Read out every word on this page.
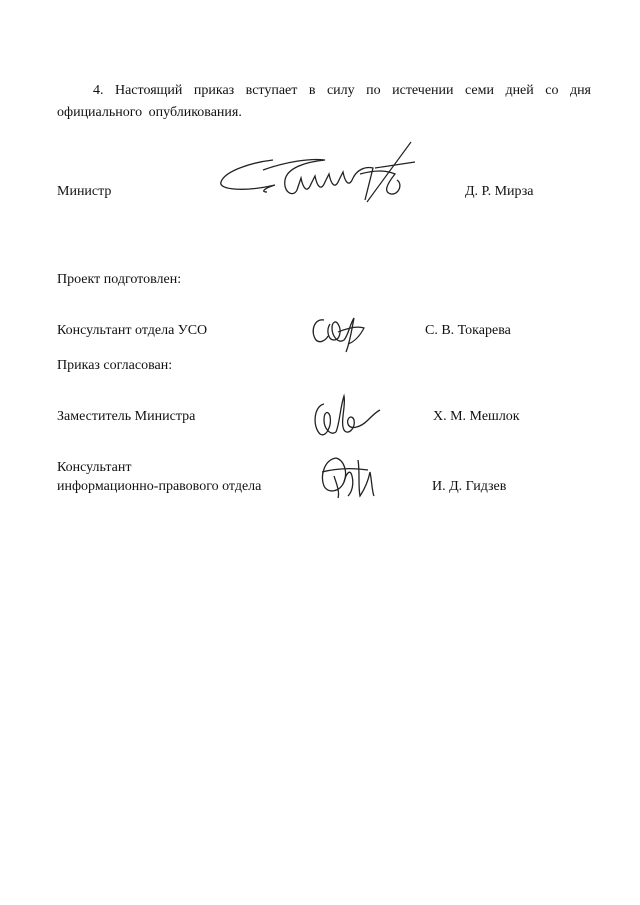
4. Настоящий приказ вступает в силу по истечении семи дней со дня официального опубликования.
Министр	Д. Р. Мирза
Проект подготовлен:
Консультант отдела УСО	С. В. Токарева
Приказ согласован:
Заместитель Министра	Х. М. Мешлок
Консультант
информационно-правового отдела	И. Д. Гидзев
